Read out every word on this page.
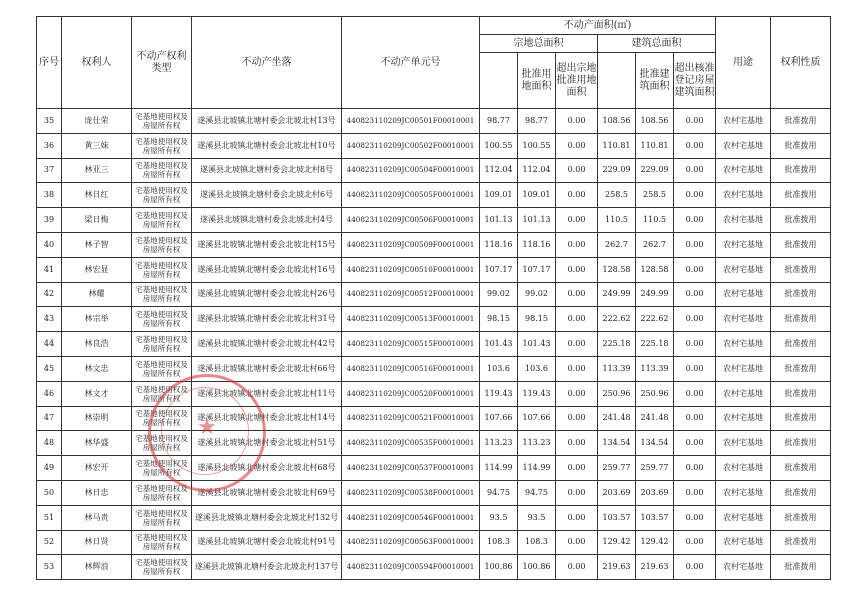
序号	权利人	不动产权利类型	不动产坐落	不动产单元号	不动产面积(㎡)						用途	权利性质
					宗地总面积			建筑总面积				
						批准用地面积	超出宗地批准用地面积		批准建筑面积	超出核准登记房屋建筑面积		
35	庞仕荣	宅基地使用权及房屋所有权	遂溪县北坡镇北塘村委会北坡北村13号	440823110209JC00501F00010001	98.77	98.77	0.00	108.56	108.56	0.00	农村宅基地	批准拨用
36	黄三妹	宅基地使用权及房屋所有权	遂溪县北坡镇北塘村委会北坡北村10号	440823110209JC00502F00010001	100.55	100.55	0.00	110.81	110.81	0.00	农村宅基地	批准拨用
37	林亚三	宅基地使用权及房屋所有权	遂溪县北坡镇北塘村委会北坡北村8号	440823110209JC00504F00010001	112.04	112.04	0.00	229.09	229.09	0.00	农村宅基地	批准拨用
38	林日红	宅基地使用权及房屋所有权	遂溪县北坡镇北塘村委会北坡北村6号	440823110209JC00505F00010001	109.01	109.01	0.00	258.5	258.5	0.00	农村宅基地	批准拨用
39	梁日梅	宅基地使用权及房屋所有权	遂溪县北坡镇北塘村委会北坡北村4号	440823110209JC00506F00010001	101.13	101.13	0.00	110.5	110.5	0.00	农村宅基地	批准拨用
40	林子智	宅基地使用权及房屋所有权	遂溪县北坡镇北塘村委会北坡北村15号	440823110209JC00509F00010001	118.16	118.16	0.00	262.7	262.7	0.00	农村宅基地	批准拨用
41	林宏显	宅基地使用权及房屋所有权	遂溪县北坡镇北塘村委会北坡北村16号	440823110209JC00510F00010001	107.17	107.17	0.00	128.58	128.58	0.00	农村宅基地	批准拨用
42	林耀	宅基地使用权及房屋所有权	遂溪县北坡镇北塘村委会北坡北村26号	440823110209JC00512F00010001	99.02	99.02	0.00	249.99	249.99	0.00	农村宅基地	批准拨用
43	林宗举	宅基地使用权及房屋所有权	遂溪县北坡镇北塘村委会北坡北村31号	440823110209JC00513F00010001	98.15	98.15	0.00	222.62	222.62	0.00	农村宅基地	批准拨用
44	林良浩	宅基地使用权及房屋所有权	遂溪县北坡镇北塘村委会北坡北村42号	440823110209JC00515F00010001	101.43	101.43	0.00	225.18	225.18	0.00	农村宅基地	批准拨用
45	林文忠	宅基地使用权及房屋所有权	遂溪县北坡镇北塘村委会北坡北村66号	440823110209JC00516F00010001	103.6	103.6	0.00	113.39	113.39	0.00	农村宅基地	批准拨用
46	林文才	宅基地使用权及房屋所有权	遂溪县北坡镇北塘村委会北坡北村11号	440823110209JC00520F00010001	119.43	119.43	0.00	250.96	250.96	0.00	农村宅基地	批准拨用
47	林崇明	宅基地使用权及房屋所有权	遂溪县北坡镇北塘村委会北坡北村14号	440823110209JC00521F00010001	107.66	107.66	0.00	241.48	241.48	0.00	农村宅基地	批准拨用
48	林华盛	宅基地使用权及房屋所有权	遂溪县北坡镇北塘村委会北坡北村51号	440823110209JC00535F00010001	113.23	113.23	0.00	134.54	134.54	0.00	农村宅基地	批准拨用
49	林宏开	宅基地使用权及房屋所有权	遂溪县北坡镇北塘村委会北坡北村68号	440823110209JC00537F00010001	114.99	114.99	0.00	259.77	259.77	0.00	农村宅基地	批准拨用
50	林日忠	宅基地使用权及房屋所有权	遂溪县北坡镇北塘村委会北坡北村69号	440823110209JC00538F00010001	94.75	94.75	0.00	203.69	203.69	0.00	农村宅基地	批准拨用
51	林马贵	宅基地使用权及房屋所有权	遂溪县北坡镇北塘村委会北坡北村132号	440823110209JC00546F00010001	93.5	93.5	0.00	103.57	103.57	0.00	农村宅基地	批准拨用
52	林日贤	宅基地使用权及房屋所有权	遂溪县北坡镇北塘村委会北坡北村91号	440823110209JC00563F00010001	108.3	108.3	0.00	129.42	129.42	0.00	农村宅基地	批准拨用
53	林辉浪	宅基地使用权及房屋所有权	遂溪县北坡镇北塘村委会北坡北村137号	440823110209JC00594F00010001	100.86	100.86	0.00	219.63	219.63	0.00	农村宅基地	批准拨用
★
